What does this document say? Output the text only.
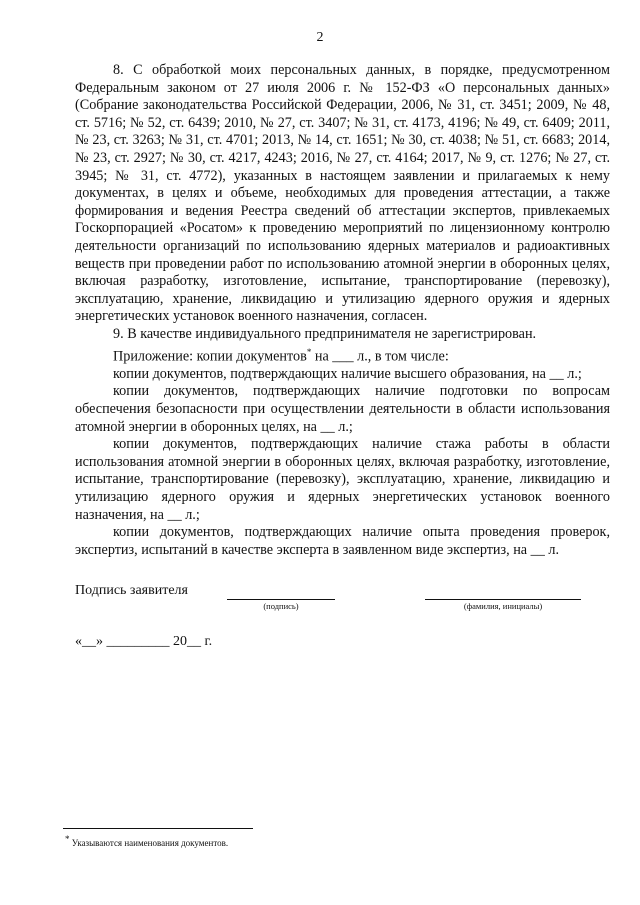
2

8. С обработкой моих персональных данных, в порядке, предусмотренном Федеральным законом от 27 июля 2006 г. № 152-ФЗ «О персональных данных» (Собрание законодательства Российской Федерации, 2006, № 31, ст. 3451; 2009, № 48, ст. 5716; № 52, ст. 6439; 2010, № 27, ст. 3407; № 31, ст. 4173, 4196; № 49, ст. 6409; 2011, № 23, ст. 3263; № 31, ст. 4701; 2013, № 14, ст. 1651; № 30, ст. 4038; № 51, ст. 6683; 2014, № 23, ст. 2927; № 30, ст. 4217, 4243; 2016, № 27, ст. 4164; 2017, № 9, ст. 1276; № 27, ст. 3945; № 31, ст. 4772), указанных в настоящем заявлении и прилагаемых к нему документах, в целях и объеме, необходимых для проведения аттестации, а также формирования и ведения Реестра сведений об аттестации экспертов, привлекаемых Госкорпорацией «Росатом» к проведению мероприятий по лицензионному контролю деятельности организаций по использованию ядерных материалов и радиоактивных веществ при проведении работ по использованию атомной энергии в оборонных целях, включая разработку, изготовление, испытание, транспортирование (перевозку), эксплуатацию, хранение, ликвидацию и утилизацию ядерного оружия и ядерных энергетических установок военного назначения, согласен.

9. В качестве индивидуального предпринимателя не зарегистрирован.

Приложение: копии документов* на ___ л., в том числе:

копии документов, подтверждающих наличие высшего образования, на __ л.;

копии документов, подтверждающих наличие подготовки по вопросам обеспечения безопасности при осуществлении деятельности в области использования атомной энергии в оборонных целях, на __ л.;

копии документов, подтверждающих наличие стажа работы в области использования атомной энергии в оборонных целях, включая разработку, изготовление, испытание, транспортирование (перевозку), эксплуатацию, хранение, ликвидацию и утилизацию ядерного оружия и ядерных энергетических установок военного назначения, на __ л.;

копии документов, подтверждающих наличие опыта проведения проверок, экспертиз, испытаний в качестве эксперта в заявленном виде экспертиз, на __ л.

Подпись заявителя
(подпись)	(фамилия, инициалы)
«__» _________ 20__ г.
* Указываются наименования документов.
